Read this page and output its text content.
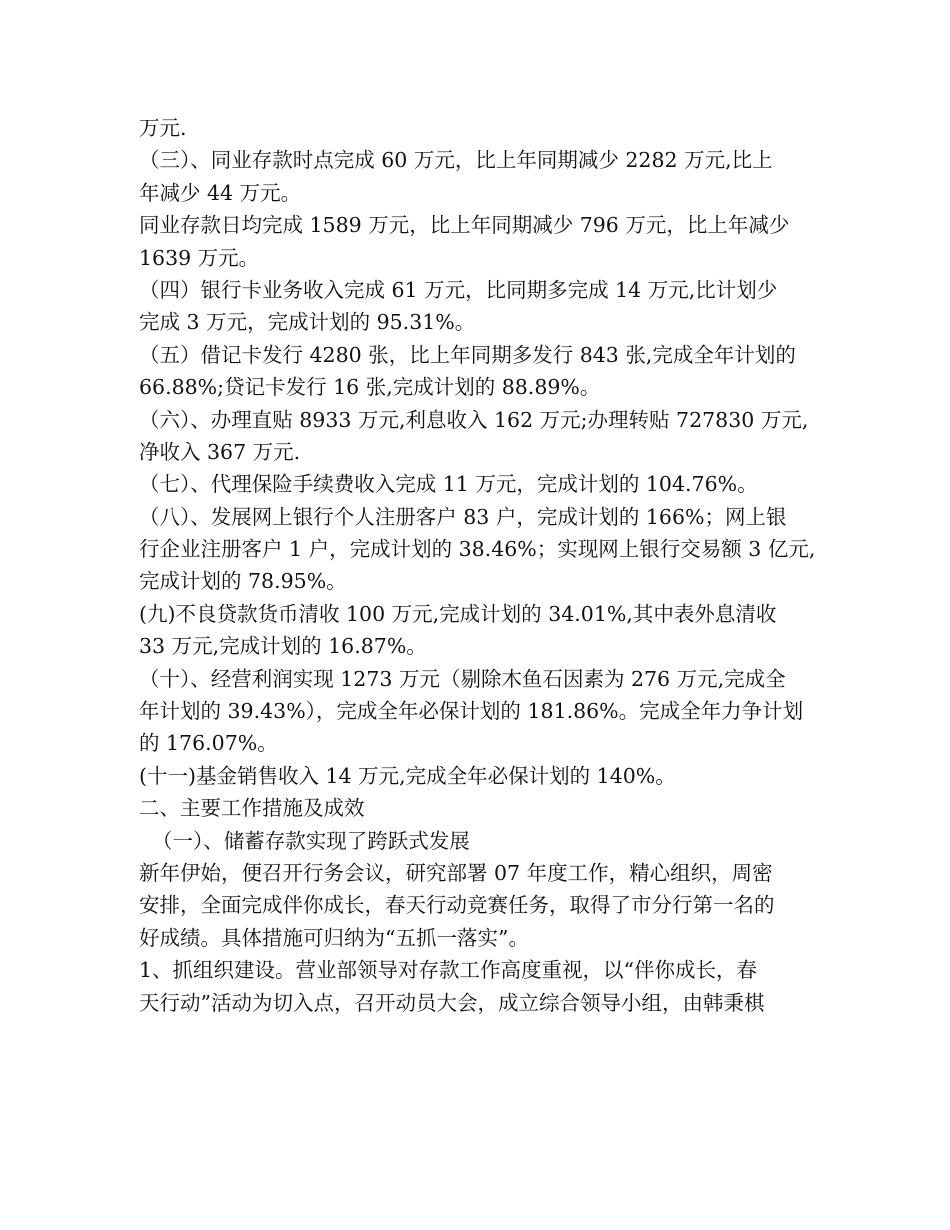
万元.
（三）、同业存款时点完成 60 万元，比上年同期减少 2282 万元,比上
年减少 44 万元。
同业存款日均完成 1589 万元，比上年同期减少 796 万元，比上年减少
1639 万元。
（四）银行卡业务收入完成 61 万元，比同期多完成 14 万元,比计划少
完成 3 万元，完成计划的 95.31%。
（五）借记卡发行 4280 张，比上年同期多发行 843 张,完成全年计划的
66.88%;贷记卡发行 16 张,完成计划的 88.89%。
（六）、办理直贴 8933 万元,利息收入 162 万元;办理转贴 727830 万元,
净收入 367 万元.
（七）、代理保险手续费收入完成 11 万元，完成计划的 104.76%。
（八）、发展网上银行个人注册客户 83 户，完成计划的 166%；网上银
行企业注册客户 1 户，完成计划的 38.46%；实现网上银行交易额 3 亿元,
完成计划的 78.95%。
(九)不良贷款货币清收 100 万元,完成计划的 34.01%,其中表外息清收
33 万元,完成计划的 16.87%。
（十）、经营利润实现 1273 万元（剔除木鱼石因素为 276 万元,完成全
年计划的 39.43%），完成全年必保计划的 181.86%。完成全年力争计划
的 176.07%。
(十一)基金销售收入 14 万元,完成全年必保计划的 140%。
二、主要工作措施及成效
（一）、储蓄存款实现了跨跃式发展
新年伊始，便召开行务会议，研究部署 07 年度工作，精心组织，周密
安排，全面完成伴你成长，春天行动竞赛任务，取得了市分行第一名的
好成绩。具体措施可归纳为“五抓一落实”。
1、抓组织建设。营业部领导对存款工作高度重视，以“伴你成长，春
天行动”活动为切入点，召开动员大会，成立综合领导小组，由韩秉棋
